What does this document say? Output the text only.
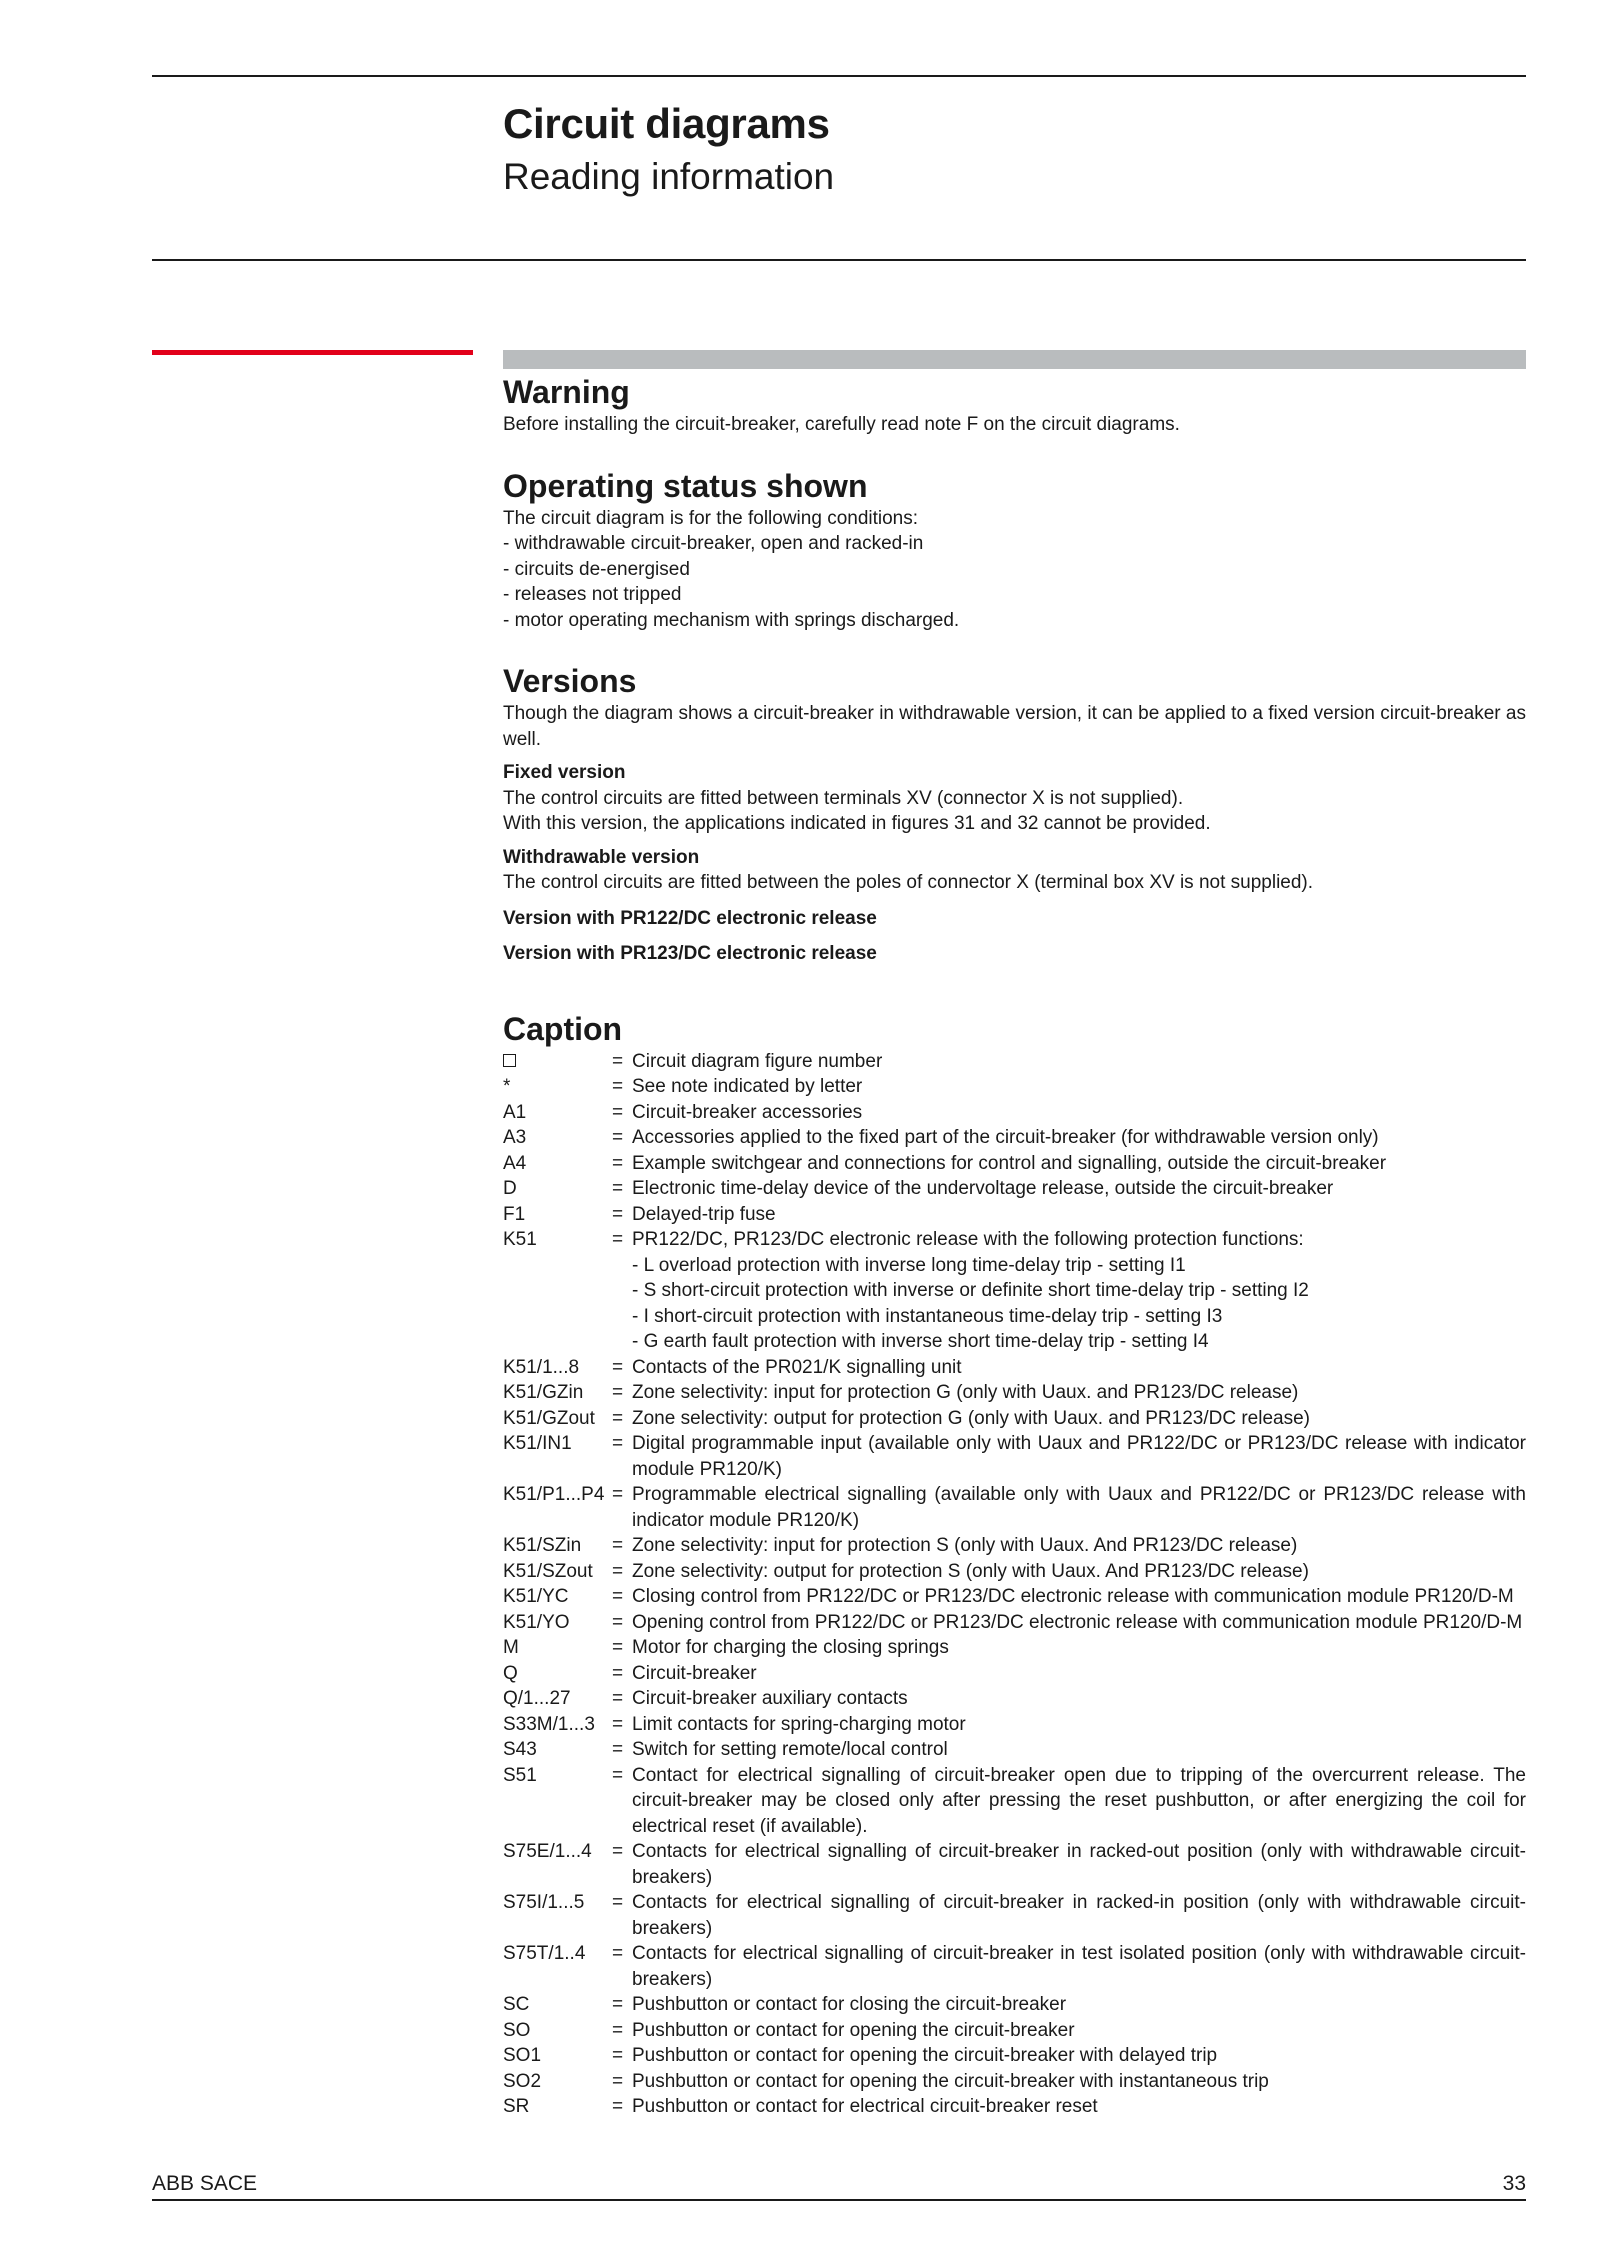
Circuit diagrams
Reading information
Warning

Before installing the circuit-breaker, carefully read note F on the circuit diagrams.

Operating status shown

The circuit diagram is for the following conditions:

- withdrawable circuit-breaker, open and racked-in

- circuits de-energised

- releases not tripped

- motor operating mechanism with springs discharged.

Versions

Though the diagram shows a circuit-breaker in withdrawable version, it can be applied to a fixed version circuit-breaker as well.

Fixed version

The control circuits are fitted between terminals XV (connector X is not supplied).

With this version, the applications indicated in figures 31 and 32 cannot be provided.

Withdrawable version

The control circuits are fitted between the poles of connector X (terminal box XV is not supplied).

Version with PR122/DC electronic release

Version with PR123/DC electronic release

Caption
= Circuit diagram figure number
*	= See note indicated by letter
A1	= Circuit-breaker accessories
A3	= Accessories applied to the fixed part of the circuit-breaker (for withdrawable version only)
A4	= Example switchgear and connections for control and signalling, outside the circuit-breaker
D	= Electronic time-delay device of the undervoltage release, outside the circuit-breaker
F1	= Delayed-trip fuse
K51	= PR122/DC, PR123/DC electronic release with the following protection functions:
- L overload protection with inverse long time-delay trip - setting I1
- S short-circuit protection with inverse or definite short time-delay trip - setting I2
- I short-circuit protection with instantaneous time-delay trip - setting I3
- G earth fault protection with inverse short time-delay trip - setting I4
K51/1...8	= Contacts of the PR021/K signalling unit
K51/GZin	= Zone selectivity: input for protection G (only with Uaux. and PR123/DC release)
K51/GZout = Zone selectivity: output for protection G (only with Uaux. and PR123/DC release)
K51/IN1	= Digital programmable input (available only with Uaux and PR122/DC or PR123/DC release with indicator module PR120/K)
K51/P1...P4 = Programmable electrical signalling (available only with Uaux and PR122/DC or PR123/DC release with indicator module PR120/K)
K51/SZin	= Zone selectivity: input for protection S (only with Uaux. And PR123/DC release)
K51/SZout	= Zone selectivity: output for protection S (only with Uaux. And PR123/DC release)
K51/YC	= Closing control from PR122/DC or PR123/DC electronic release with communication module PR120/D-M
K51/YO	= Opening control from PR122/DC or PR123/DC electronic release with communication module PR120/D-M
M	= Motor for charging the closing springs
Q	= Circuit-breaker
Q/1...27	= Circuit-breaker auxiliary contacts
S33M/1...3 = Limit contacts for spring-charging motor
S43	= Switch for setting remote/local control
S51	= Contact for electrical signalling of circuit-breaker open due to tripping of the overcurrent release. The circuit-breaker may be closed only after pressing the reset pushbutton, or after energizing the coil for electrical reset (if available).
S75E/1...4	= Contacts for electrical signalling of circuit-breaker in racked-out position (only with withdrawable circuit-breakers)
S75I/1...5	= Contacts for electrical signalling of circuit-breaker in racked-in position (only with withdrawable circuit-breakers)
S75T/1..4	= Contacts for electrical signalling of circuit-breaker in test isolated position (only with withdrawable circuit-breakers)
SC	= Pushbutton or contact for closing the circuit-breaker
SO	= Pushbutton or contact for opening the circuit-breaker
SO1	= Pushbutton or contact for opening the circuit-breaker with delayed trip
SO2	= Pushbutton or contact for opening the circuit-breaker with instantaneous trip
SR	= Pushbutton or contact for electrical circuit-breaker reset
ABB SACE	33
